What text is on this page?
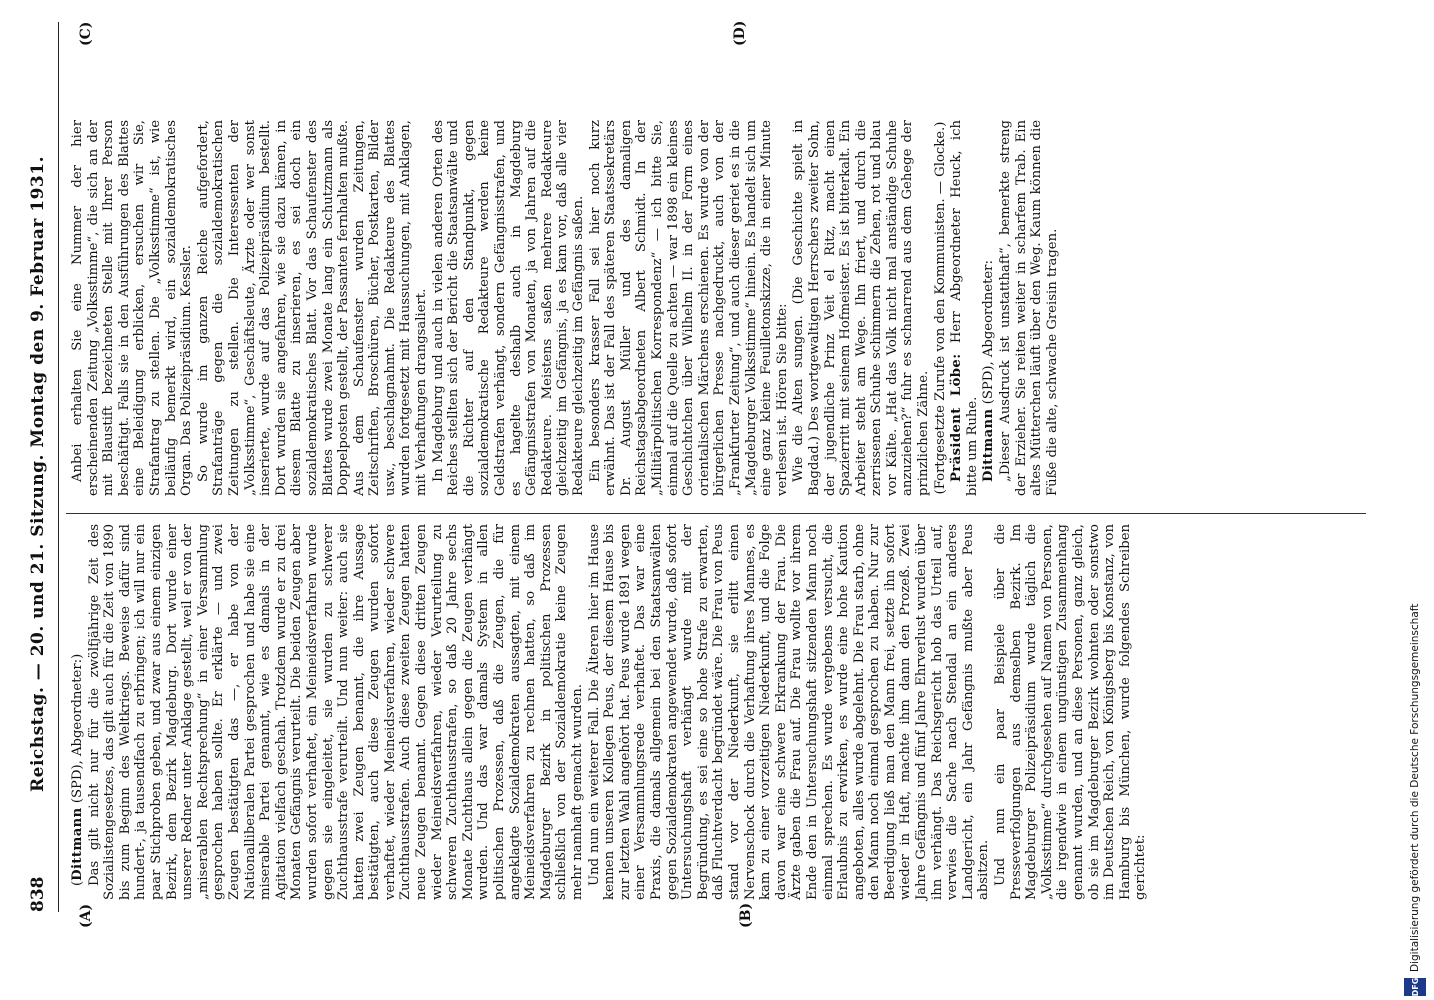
838
Reichstag. — 20. und 21. Sitzung. Montag den 9. Februar 1931.
(A)	(B)
(C)	(D)

(Dittmann (SPD), Abgeordneter:) Das gilt nicht nur für die zwölfjährige Zeit des Sozialistengesetzes, das gilt auch für die Zeit von 1890 bis zum Beginn des Weltkriegs. Beweise dafür sind hundert-, ja tausendfach zu erbringen; ich will nur ein paar Stichproben geben, und zwar aus einem einzigen Bezirk, dem Bezirk Magdeburg. Dort wurde einer unserer Redner unter Anklage gestellt, weil er von der „miserablen Rechtsprechung“ in einer Versammlung gesprochen haben sollte. Er erklärte — und zwei Zeugen bestätigten das —, er habe von der Nationalliberalen Partei gesprochen und habe sie eine miserable Partei genannt, wie es damals in der Agitation vielfach geschah. Trotzdem wurde er zu drei Monaten Gefängnis verurteilt. Die beiden Zeugen aber wurden sofort verhaftet, ein Meineidsverfahren wurde gegen sie eingeleitet, sie wurden zu schwerer Zuchthausstrafe verurteilt. Und nun weiter: auch sie hatten zwei Zeugen benannt, die ihre Aussage bestätigten, auch diese Zeugen wurden sofort verhaftet, wieder Meineidsverfahren, wieder schwere Zuchthausstrafen. Auch diese zweiten Zeugen hatten neue Zeugen benannt. Gegen diese dritten Zeugen wieder Meineidsverfahren, wieder Verurteilung zu schweren Zuchthausstrafen, so daß 20 Jahre sechs Monate Zuchthaus allein gegen die Zeugen verhängt wurden. Und das war damals System in allen politischen Prozessen, daß die Zeugen, die für angeklagte Sozialdemokraten aussagten, mit einem Meineidsverfahren zu rechnen hatten, so daß im Magdeburger Bezirk in politischen Prozessen schließlich von der Sozialdemokratie keine Zeugen mehr namhaft gemacht wurden. Und nun ein weiterer Fall. Die Älteren hier im Hause kennen unseren Kollegen Peus, der diesem Hause bis zur letzten Wahl angehört hat. Peus wurde 1891 wegen einer Versammlungsrede verhaftet. Das war eine Praxis, die damals allgemein bei den Staatsanwälten gegen Sozialdemokraten angewendet wurde, daß sofort Untersuchungshaft verhängt wurde mit der Begründung, es sei eine so hohe Strafe zu erwarten, daß Fluchtverdacht begründet wäre. Die Frau von Peus stand vor der Niederkunft, sie erlitt einen Nervenschock durch die Verhaftung ihres Mannes, es kam zu einer vorzeitigen Niederkunft, und die Folge davon war eine schwere Erkrankung der Frau. Die Ärzte gaben die Frau auf. Die Frau wollte vor ihrem Ende den in Untersuchungshaft sitzenden Mann noch einmal sprechen. Es wurde vergebens versucht, die Erlaubnis zu erwirken, es wurde eine hohe Kaution angeboten, alles wurde abgelehnt. Die Frau starb, ohne den Mann noch einmal gesprochen zu haben. Nur zur Beerdigung ließ man den Mann frei, setzte ihn sofort wieder in Haft, machte ihm dann den Prozeß. Zwei Jahre Gefängnis und fünf Jahre Ehrverlust wurden über ihn verhängt. Das Reichsgericht hob das Urteil auf, verwies die Sache nach Stendal an ein anderes Landgericht, ein Jahr Gefängnis mußte aber Peus absitzen. Und nun ein paar Beispiele über die Presseverfolgungen aus demselben Bezirk. Im Magdeburger Polizeipräsidium wurde täglich die „Volksstimme“ durchgesehen auf Namen von Personen, die irgendwie in einem ungünstigen Zusammenhang genannt wurden, und an diese Personen, ganz gleich, ob sie im Magdeburger Bezirk wohnten oder sonstwo im Deutschen Reich, von Königsberg bis Konstanz, von Hamburg bis München, wurde folgendes Schreiben gerichtet:

Anbei erhalten Sie eine Nummer der hier erscheinenden Zeitung „Volksstimme“, die sich an der mit Blaustift bezeichneten Stelle mit Ihrer Person beschäftigt. Falls sie in den Ausführungen des Blattes eine Beleidigung erblicken, ersuchen wir Sie, Strafantrag zu stellen. Die „Volksstimme“ ist, wie beiläufig bemerkt wird, ein sozialdemokratisches Organ. Das Polizeipräsidium. Kessler. So wurde im ganzen Reiche aufgefordert, Strafanträge gegen die sozialdemokratischen Zeitungen zu stellen. Die Interessenten der „Volksstimme“, Geschäftsleute, Ärzte oder wer sonst inserierte, wurde auf das Polizeipräsidium bestellt. Dort wurden sie angefahren, wie sie dazu kämen, in diesem Blatte zu inserieren, es sei doch ein sozialdemokratisches Blatt. Vor das Schaufenster des Blattes wurde zwei Monate lang ein Schutzmann als Doppelposten gestellt, der Passanten fernhalten mußte. Aus dem Schaufenster wurden Zeitungen, Zeitschriften, Broschüren, Bücher, Postkarten, Bilder usw., beschlagnahmt. Die Redakteure des Blattes wurden fortgesetzt mit Haussuchungen, mit Anklagen, mit Verhaftungen drangsaliert. In Magdeburg und auch in vielen anderen Orten des Reiches stellten sich der Bericht die Staatsanwälte und die Richter auf den Standpunkt, gegen sozialdemokratische Redakteure werden keine Geldstrafen verhängt, sondern Gefängnisstrafen, und es hagelte deshalb auch in Magdeburg Gefängnisstrafen von Monaten, ja von Jahren auf die Redakteure. Meistens saßen mehrere Redakteure gleichzeitig im Gefängnis, ja es kam vor, daß alle vier Redakteure gleichzeitig im Gefängnis saßen. Ein besonders krasser Fall sei hier noch kurz erwähnt. Das ist der Fall des späteren Staatssekretärs Dr. August Müller und des damaligen Reichstagsabgeordneten Albert Schmidt. In der „Militärpolitischen Korrespondenz“ — ich bitte Sie, einmal auf die Quelle zu achten — war 1898 ein kleines Geschichtchen über Wilhelm II. in der Form eines orientalischen Märchens erschienen. Es wurde von der bürgerlichen Presse nachgedruckt, auch von der „Frankfurter Zeitung“, und auch dieser geriet es in die „Magdeburger Volksstimme“ hinein. Es handelt sich um eine ganz kleine Feuilletonskizze, die in einer Minute verlesen ist. Hören Sie bitte: Wie die Alten sungen. (Die Geschichte spielt in Bagdad.) Des wortgewaltigen Herrschers zweiter Sohn, der jugendliche Prinz Veit el Ritz, macht einen Spazierritt mit seinem Hofmeister. Es ist bitterkalt. Ein Arbeiter steht am Wege. Ihn friert, und durch die zerrissenen Schuhe schimmern die Zehen, rot und blau vor Kälte. „Hat das Volk nicht mal anständige Schuhe anzuziehen?“ fuhr es schnarrend aus dem Gehege der prinzlichen Zähne. (Fortgesetzte Zurufe von den Kommunisten. — Glocke.) Präsident Löbe: Herr Abgeordneter Heuck, ich bitte um Ruhe. Dittmann (SPD), Abgeordneter: „Dieser Ausdruck ist unstatthaft“, bemerkte streng der Erzieher. Sie reiten weiter in scharfem Trab. Ein altes Mütterchen läuft über den Weg. Kaum können die Füße die alte, schwache Greisin tragen.

DFG
Digitalisierung gefördert durch die Deutsche Forschungsgemeinschaft
